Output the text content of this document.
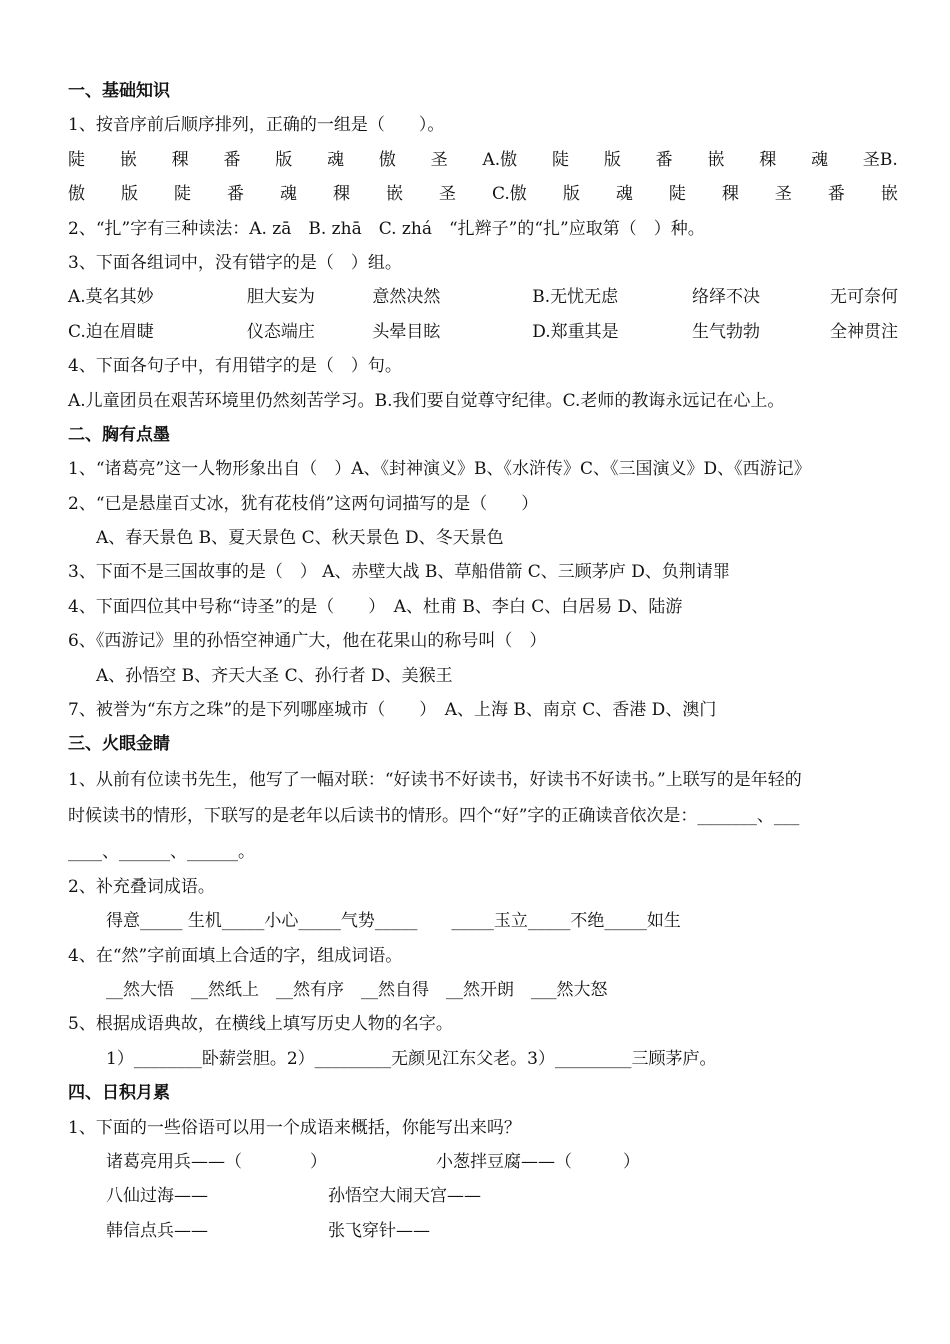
一、基础知识
1、按音序前后顺序排列，正确的一组是（　　）。
陡 嵌 稞 番 版 魂 傲 圣 A.傲 陡 版 番 嵌 稞 魂 圣B.
傲 版 陡 番 魂 稞 嵌 圣 C.傲 版 魂 陡 稞 圣 番 嵌
2、“扎”字有三种读法：A. zā　B. zhā　C. zhá　“扎辫子”的“扎”应取第（　）种。
3、下面各组词中，没有错字的是（　）组。
A.莫名其妙	胆大妄为	意然决然	B.无忧无虑	络绎不决	无可奈何
C.迫在眉睫	仪态端庄	头晕目眩	D.郑重其是	生气勃勃	全神贯注
4、下面各句子中，有用错字的是（　）句。
A.儿童团员在艰苦环境里仍然刻苦学习。B.我们要自觉尊守纪律。C.老师的教诲永远记在心上。
二、胸有点墨
1、“诸葛亮”这一人物形象出自（　）A、《封神演义》B、《水浒传》C、《三国演义》D、《西游记》
2、“已是悬崖百丈冰，犹有花枝俏”这两句词描写的是（　　）
A、春天景色 B、夏天景色 C、秋天景色 D、冬天景色
3、下面不是三国故事的是（　） A、赤壁大战 B、草船借箭 C、三顾茅庐 D、负荆请罪
4、下面四位其中号称“诗圣”的是（　　）　A、杜甫 B、李白 C、白居易 D、陆游
6、《西游记》里的孙悟空神通广大，他在花果山的称号叫（　）
A、孙悟空 B、齐天大圣 C、孙行者 D、美猴王
7、被誉为“东方之珠”的是下列哪座城市（　　）　A、上海 B、南京 C、香港 D、澳门
三、火眼金睛
1、从前有位读书先生，他写了一幅对联：“好读书不好读书，好读书不好读书。”上联写的是年轻的
时候读书的情形，下联写的是老年以后读书的情形。四个“好”字的正确读音依次是：_______、___
____、______、______。
2、补充叠词成语。
得意_____ 生机_____小心_____气势_____　　_____玉立_____不绝_____如生
4、在“然”字前面填上合适的字，组成词语。
__然大悟　__然纸上　__然有序　__然自得　__然开朗　___然大怒
5、根据成语典故，在横线上填写历史人物的名字。
1）________卧薪尝胆。2）_________无颜见江东父老。3）_________三顾茅庐。
四、日积月累
1、下面的一些俗语可以用一个成语来概括，你能写出来吗？
诸葛亮用兵——（　　　　）	小葱拌豆腐——（　　　）
八仙过海——	孙悟空大闹天宫——
韩信点兵——	张飞穿针——
